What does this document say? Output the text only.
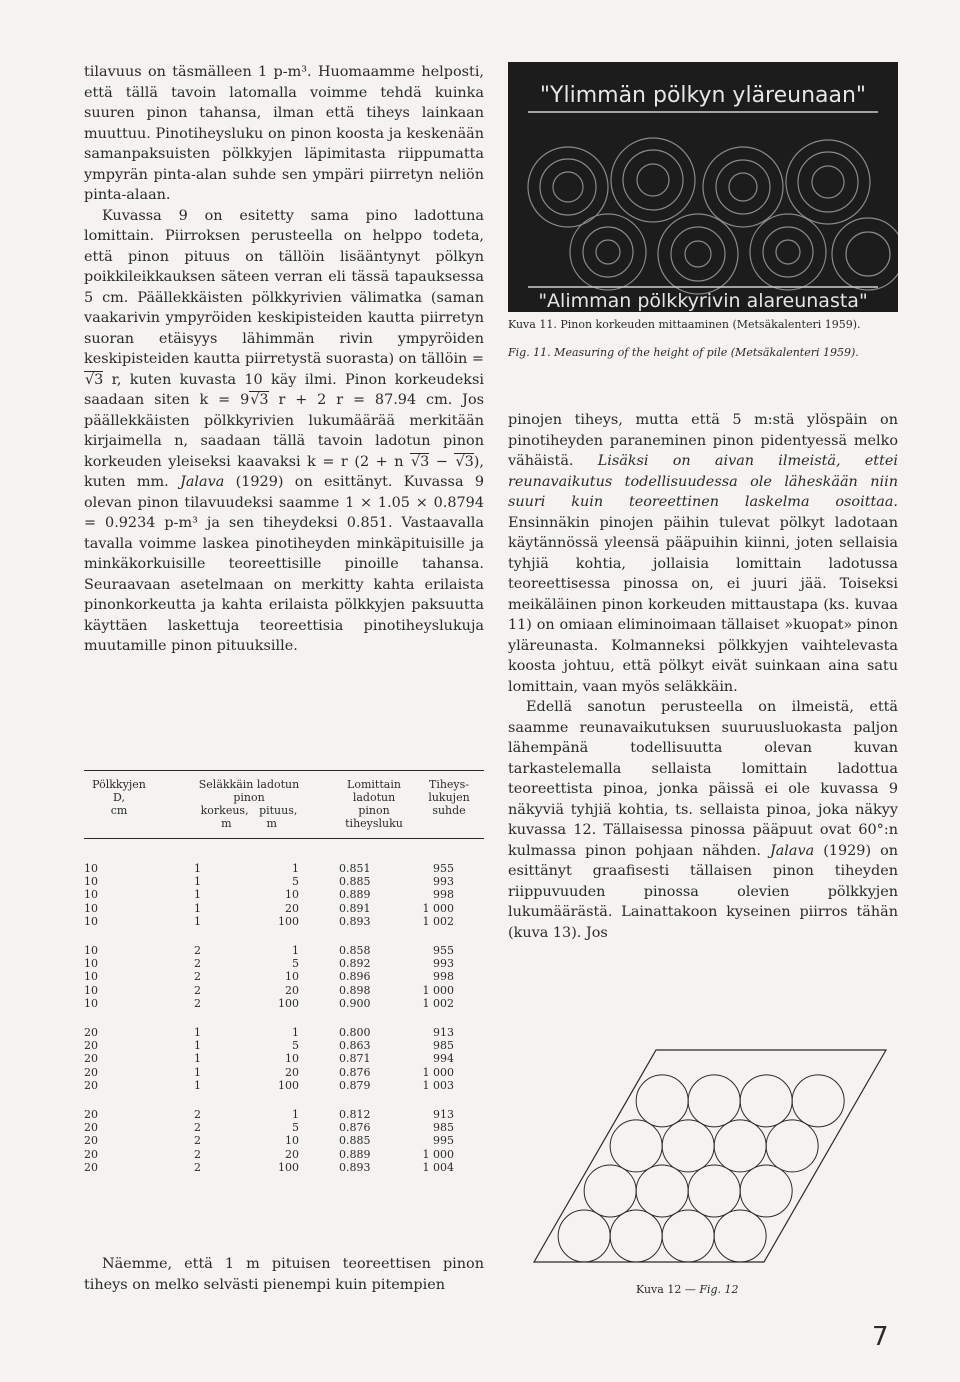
tilavuus on täsmälleen 1 p-m³. Huomaamme helposti, että tällä tavoin latomalla voimme tehdä kuinka suuren pinon tahansa, ilman että tiheys lainkaan muuttuu. Pinotiheysluku on pinon koosta ja keskenään samanpaksuisten pölkkyjen läpimitasta riippumatta ympyrän pinta-alan suhde sen ympäri piirretyn neliön pinta-alaan.

Kuvassa 9 on esitetty sama pino ladottuna lomittain. Piirroksen perusteella on helppo todeta, että pinon pituus on tällöin lisääntynyt pölkyn poikkileikkauksen säteen verran eli tässä tapauksessa 5 cm. Päällekkäisten pölkkyrivien välimatka (saman vaakarivin ympyröiden keskipisteiden kautta piirretyn suoran etäisyys lähimmän rivin ympyröiden keskipisteiden kautta piirretystä suorasta) on tällöin = √3 r, kuten kuvasta 10 käy ilmi. Pinon korkeudeksi saadaan siten k = 9√3 r + 2 r = 87.94 cm. Jos päällekkäisten pölkkyrivien lukumäärää merkitään kirjaimella n, saadaan tällä tavoin ladotun pinon korkeuden yleiseksi kaavaksi k = r (2 + n √3 − √3), kuten mm. Jalava (1929) on esittänyt. Kuvassa 9 olevan pinon tilavuudeksi saamme 1 × 1.05 × 0.8794 = 0.9234 p-m³ ja sen tiheydeksi 0.851. Vastaavalla tavalla voimme laskea pinotiheyden minkäpituisille ja minkäkorkuisille teoreettisille pinoille tahansa. Seuraavaan asetelmaan on merkitty kahta erilaista pinonkorkeutta ja kahta erilaista pölkkyjen paksuutta käyttäen laskettuja teoreettisia pinotiheyslukuja muutamille pinon pituuksille.

"Ylimmän pölkyn yläreunaan"
"Alimman pölkkyrivin alareunasta"
Kuva 11. Pinon korkeuden mittaaminen (Metsäkalenteri 1959).
Fig. 11. Measuring of the height of pile (Metsäkalenteri 1959).

pinojen tiheys, mutta että 5 m:stä ylöspäin on pinotiheyden paraneminen pinon pidentyessä melko vähäistä. Lisäksi on aivan ilmeistä, ettei reunavaikutus todellisuudessa ole läheskään niin suuri kuin teoreettinen laskelma osoittaa. Ensinnäkin pinojen päihin tulevat pölkyt ladotaan käytännössä yleensä pääpuihin kiinni, joten sellaisia tyhjiä kohtia, jollaisia lomittain ladotussa teoreettisessa pinossa on, ei juuri jää. Toiseksi meikäläinen pinon korkeuden mittaustapa (ks. kuvaa 11) on omiaan eliminoimaan tällaiset »kuopat» pinon yläreunasta. Kolmanneksi pölkkyjen vaihtelevasta koosta johtuu, että pölkyt eivät suinkaan aina satu lomittain, vaan myös seläkkäin.

Edellä sanotun perusteella on ilmeistä, että saamme reunavaikutuksen suuruusluokasta paljon lähempänä todellisuutta olevan kuvan tarkastelemalla sellaista lomittain ladottua teoreettista pinoa, jonka päissä ei ole kuvassa 9 näkyviä tyhjiä kohtia, ts. sellaista pinoa, joka näkyy kuvassa 12. Tällaisessa pinossa pääpuut ovat 60°:n kulmassa pinon pohjaan nähden. Jalava (1929) on esittänyt graafisesti tällaisen pinon tiheyden riippuvuuden pinossa olevien pölkkyjen lukumäärästä. Lainattakoon kyseinen piirros tähän (kuva 13). Jos

Pölkkyjen
D,
cm
Seläkkäin ladotun
pinon
korkeus,   pituus,
m          m
Lomittain
ladotun
pinon
tiheysluku
Tiheys-
lukujen
suhde
10	1	1	0.851	955
10	1	5	0.885	993
10	1	10	0.889	998
10	1	20	0.891	1 000
10	1	100	0.893	1 002
10	2	1	0.858	955
10	2	5	0.892	993
10	2	10	0.896	998
10	2	20	0.898	1 000
10	2	100	0.900	1 002
20	1	1	0.800	913
20	1	5	0.863	985
20	1	10	0.871	994
20	1	20	0.876	1 000
20	1	100	0.879	1 003
20	2	1	0.812	913
20	2	5	0.876	985
20	2	10	0.885	995
20	2	20	0.889	1 000
20	2	100	0.893	1 004
Näemme, että 1 m pituisen teoreettisen pinon tiheys on melko selvästi pienempi kuin pitempien	Kuva 12 — Fig. 12
7
